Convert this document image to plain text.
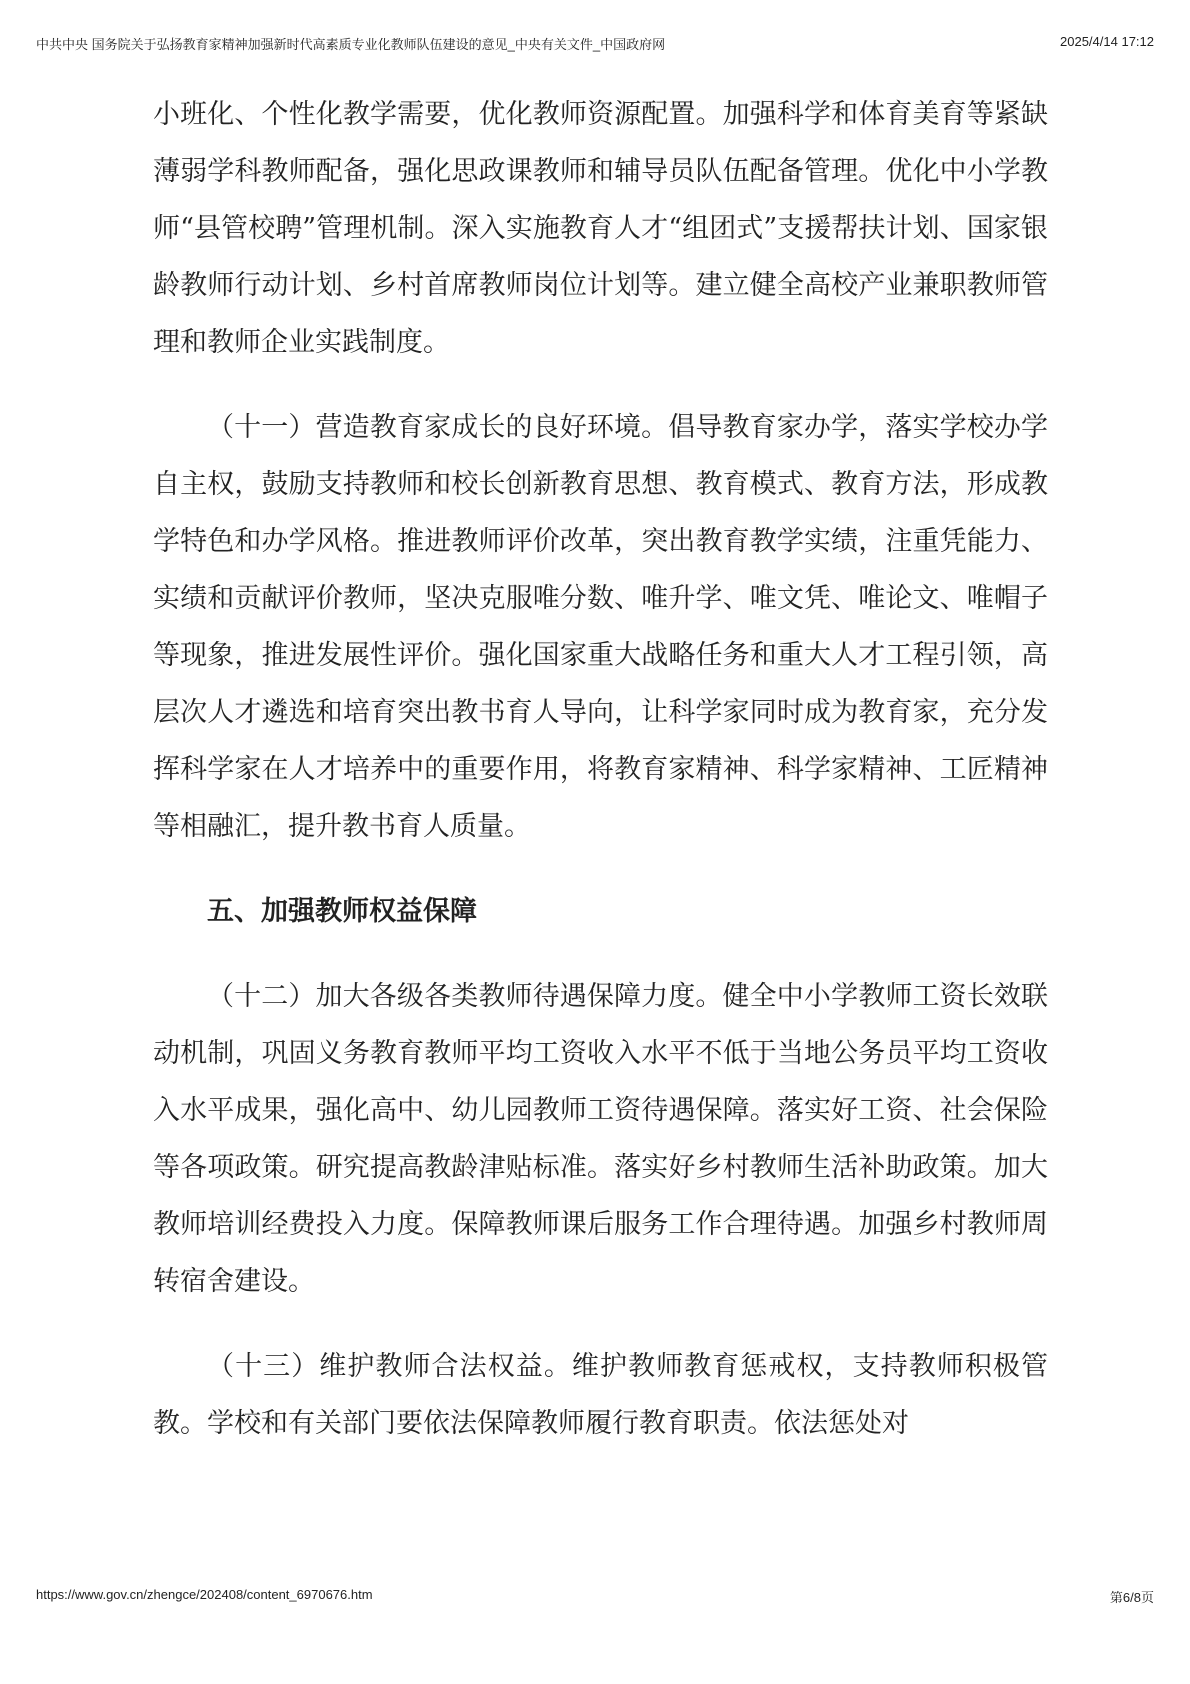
中共中央 国务院关于弘扬教育家精神加强新时代高素质专业化教师队伍建设的意见_中央有关文件_中国政府网	2025/4/14 17:12

小班化、个性化教学需要，优化教师资源配置。加强科学和体育美育等紧缺薄弱学科教师配备，强化思政课教师和辅导员队伍配备管理。优化中小学教师“县管校聘”管理机制。深入实施教育人才“组团式”支援帮扶计划、国家银龄教师行动计划、乡村首席教师岗位计划等。建立健全高校产业兼职教师管理和教师企业实践制度。

（十一）营造教育家成长的良好环境。倡导教育家办学，落实学校办学自主权，鼓励支持教师和校长创新教育思想、教育模式、教育方法，形成教学特色和办学风格。推进教师评价改革，突出教育教学实绩，注重凭能力、实绩和贡献评价教师，坚决克服唯分数、唯升学、唯文凭、唯论文、唯帽子等现象，推进发展性评价。强化国家重大战略任务和重大人才工程引领，高层次人才遴选和培育突出教书育人导向，让科学家同时成为教育家，充分发挥科学家在人才培养中的重要作用，将教育家精神、科学家精神、工匠精神等相融汇，提升教书育人质量。

五、加强教师权益保障

（十二）加大各级各类教师待遇保障力度。健全中小学教师工资长效联动机制，巩固义务教育教师平均工资收入水平不低于当地公务员平均工资收入水平成果，强化高中、幼儿园教师工资待遇保障。落实好工资、社会保险等各项政策。研究提高教龄津贴标准。落实好乡村教师生活补助政策。加大教师培训经费投入力度。保障教师课后服务工作合理待遇。加强乡村教师周转宿舍建设。

（十三）维护教师合法权益。维护教师教育惩戒权，支持教师积极管教。学校和有关部门要依法保障教师履行教育职责。依法惩处对

https://www.gov.cn/zhengce/202408/content_6970676.htm	第6/8页
